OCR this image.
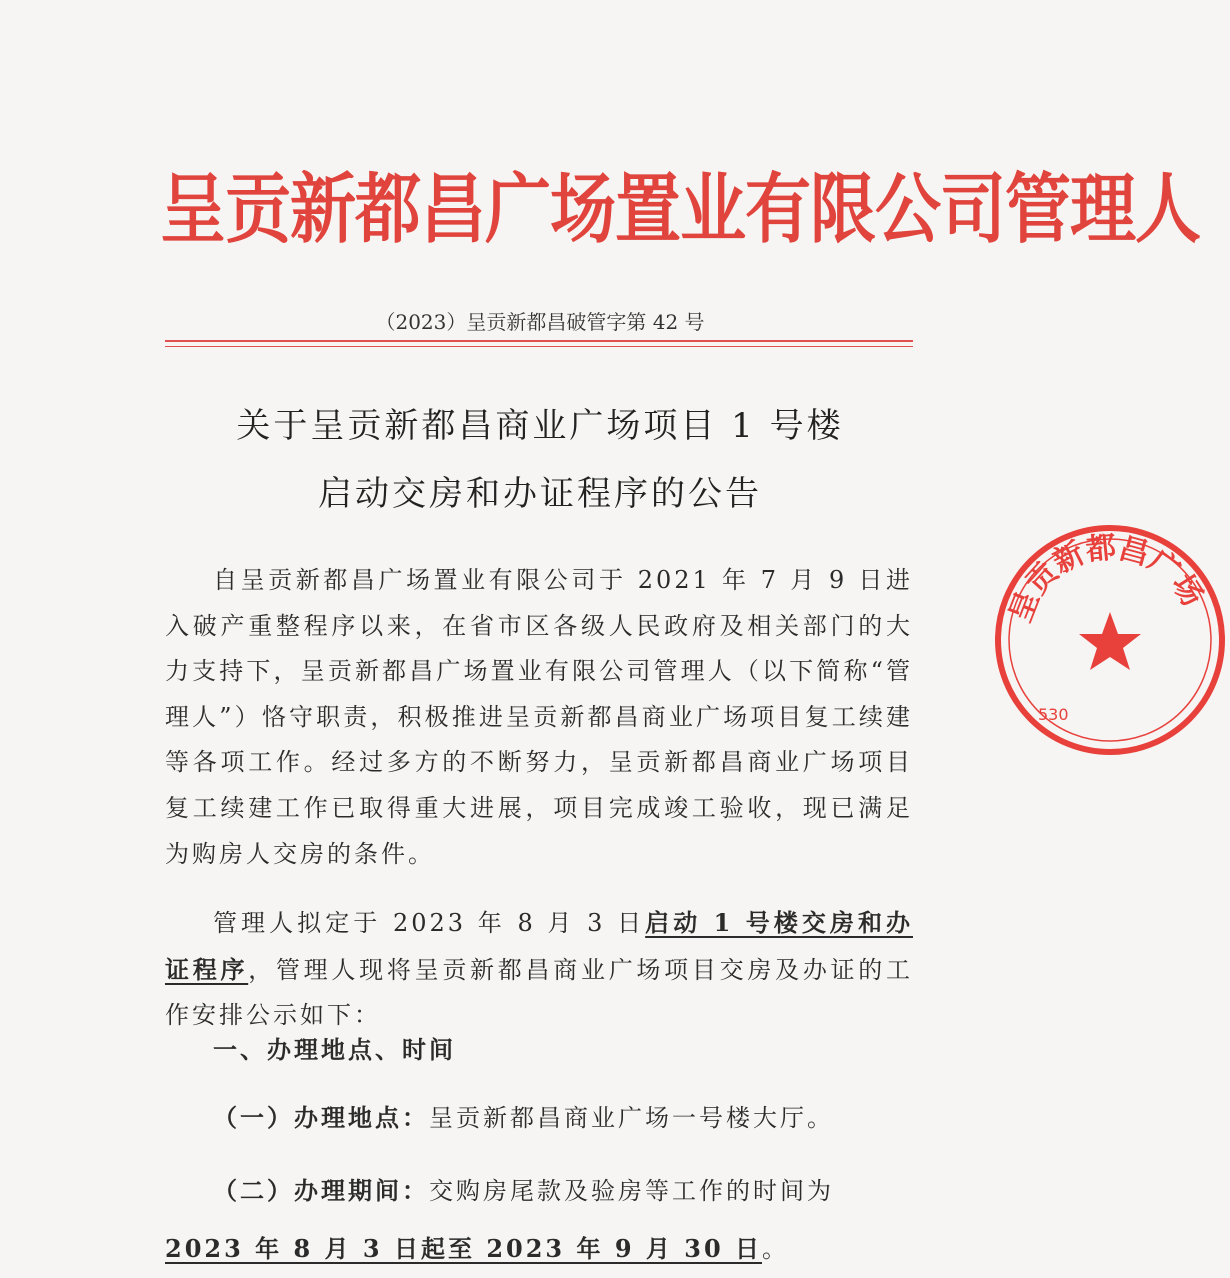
呈贡新都昌广场置业有限公司管理人
（2023）呈贡新都昌破管字第 42 号
关于呈贡新都昌商业广场项目 1 号楼
启动交房和办证程序的公告

自呈贡新都昌广场置业有限公司于 2021 年 7 月 9 日进入破产重整程序以来，在省市区各级人民政府及相关部门的大力支持下，呈贡新都昌广场置业有限公司管理人（以下简称“管理人”）恪守职责，积极推进呈贡新都昌商业广场项目复工续建等各项工作。经过多方的不断努力，呈贡新都昌商业广场项目复工续建工作已取得重大进展，项目完成竣工验收，现已满足为购房人交房的条件。

管理人拟定于 2023 年 8 月 3 日启动 1 号楼交房和办证程序，管理人现将呈贡新都昌商业广场项目交房及办证的工作安排公示如下：

一、办理地点、时间

（一）办理地点：呈贡新都昌商业广场一号楼大厅。

（二）办理期间：交购房尾款及验房等工作的时间为 2023 年 8 月 3 日起至 2023 年 9 月 30 日。

呈贡新都昌广场
530
